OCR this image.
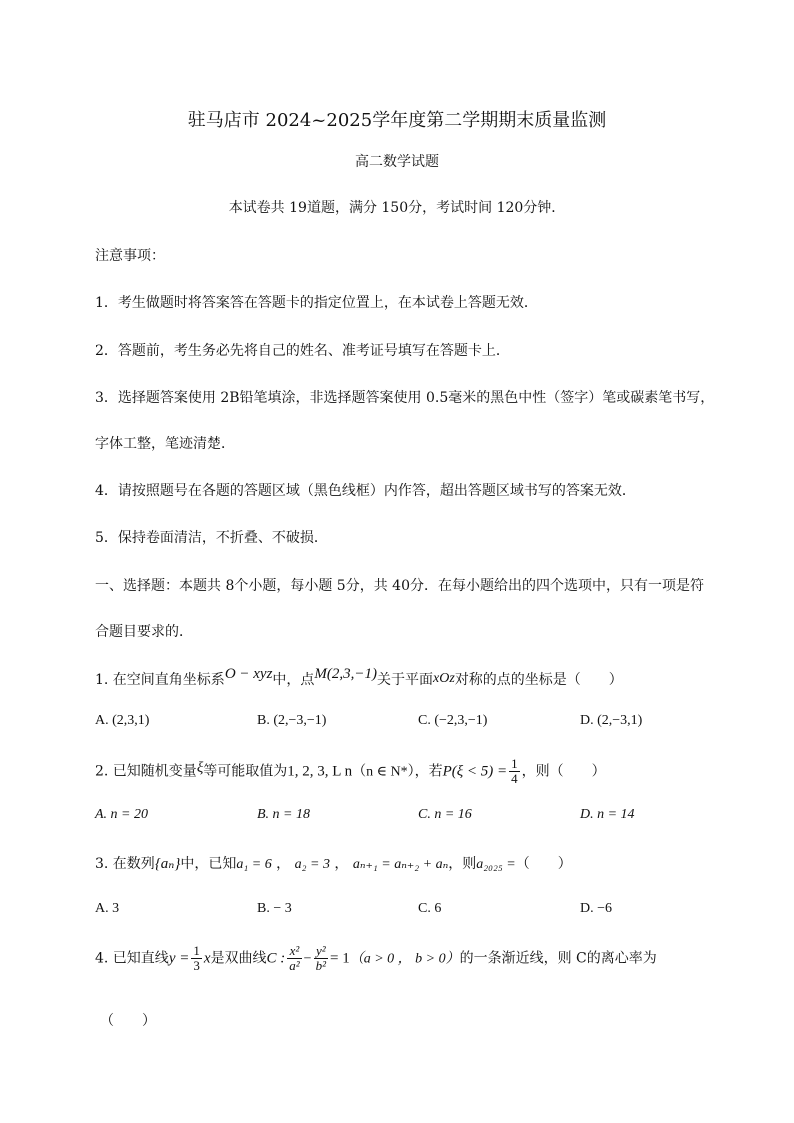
驻马店市 2024~2025学年度第二学期期末质量监测
高二数学试题
本试卷共 19道题，满分 150分，考试时间 120分钟．
注意事项：
1．考生做题时将答案答在答题卡的指定位置上，在本试卷上答题无效．
2．答题前，考生务必先将自己的姓名、准考证号填写在答题卡上．
3．选择题答案使用 2B铅笔填涂，非选择题答案使用 0.5毫米的黑色中性（签字）笔或碳素笔书写，
字体工整，笔迹清楚．
4．请按照题号在各题的答题区域（黑色线框）内作答，超出答题区域书写的答案无效．
5．保持卷面清洁，不折叠、不破损．
一、选择题：本题共 8个小题，每小题 5分，共 40分．在每小题给出的四个选项中，只有一项是符
合题目要求的．
1. 在空间直角坐标系O − xyz中，点M(2,3,−1)关于平面xOz对称的点的坐标是（　　）
A. (2,3,1)	B. (2,−3,−1)	C. (−2,3,−1)	D. (2,−3,1)
2. 已知随机变量ξ等可能取值为1, 2, 3, L n（n ∈ N*），若$P(\xi < 5) = \frac{1}{4}$ ，则（　　）
A. n = 20	B. n = 18	C. n = 16	D. n = 14
3. 在数列{aₙ}中，已知a₁ = 6 ， a₂ = 3 ， aₙ₊₁ = aₙ₊₂ + aₙ，则a₂₀₂₅ =（　　）
A. 3	B. − 3	C. 6	D. −6
4. 已知直线$y = \frac{1}{3}$ x是双曲线C : $\frac{\text{x²}}{\text{a²}} - \frac{\text{y²}}{\text{b²}} = 1(a > 0$ ， b > 0）的一条渐近线，则 C的离心率为
（　　）
